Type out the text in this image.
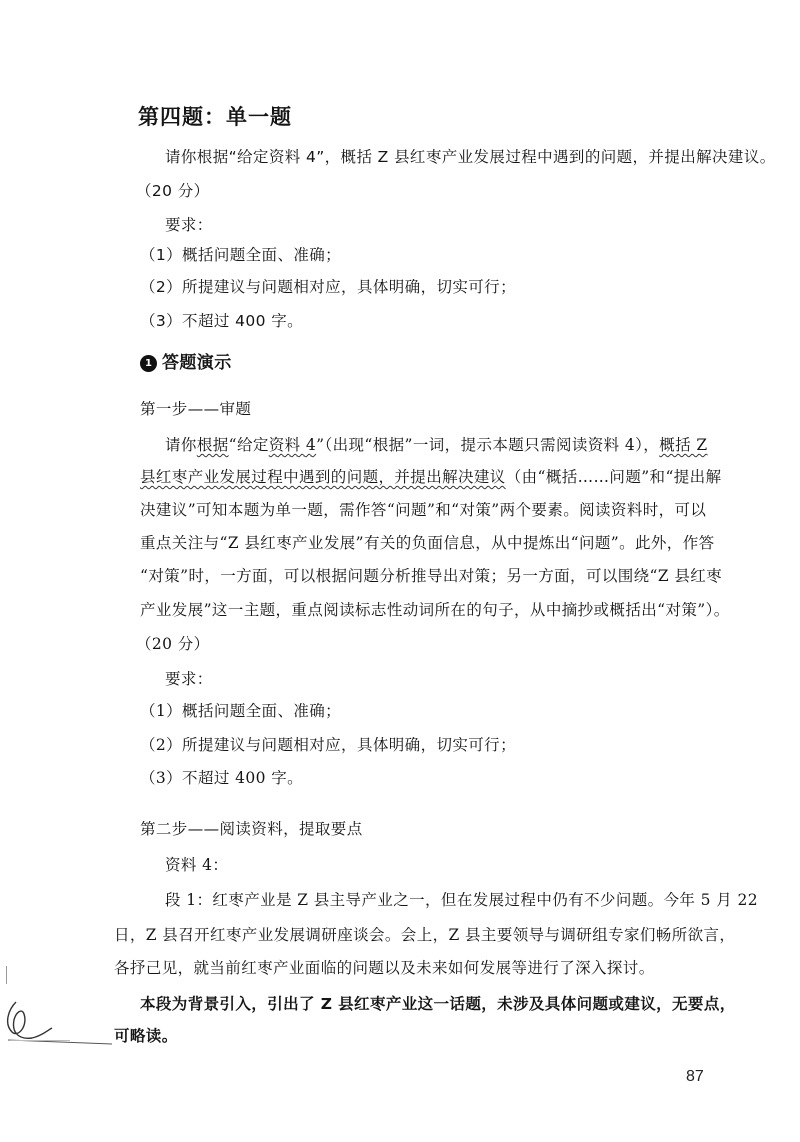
第四题：单一题
请你根据“给定资料 4”，概括 Z 县红枣产业发展过程中遇到的问题，并提出解决建议。
（20 分）
要求：
（1）概括问题全面、准确；
（2）所提建议与问题相对应，具体明确，切实可行；
（3）不超过 400 字。
1 答题演示
第一步——审题
请你根据“给定资料 4”（出现“根据”一词，提示本题只需阅读资料 4），概括 Z
县红枣产业发展过程中遇到的问题，并提出解决建议（由“概括……问题”和“提出解
决建议”可知本题为单一题，需作答“问题”和“对策”两个要素。阅读资料时，可以
重点关注与“Z 县红枣产业发展”有关的负面信息，从中提炼出“问题”。此外，作答
“对策”时，一方面，可以根据问题分析推导出对策；另一方面，可以围绕“Z 县红枣
产业发展”这一主题，重点阅读标志性动词所在的句子，从中摘抄或概括出“对策”）。
（20 分）
要求：
（1）概括问题全面、准确；
（2）所提建议与问题相对应，具体明确，切实可行；
（3）不超过 400 字。
第二步——阅读资料，提取要点
资料 4：
段 1：红枣产业是 Z 县主导产业之一，但在发展过程中仍有不少问题。今年 5 月 22
日，Z 县召开红枣产业发展调研座谈会。会上，Z 县主要领导与调研组专家们畅所欲言，
各抒己见，就当前红枣产业面临的问题以及未来如何发展等进行了深入探讨。
本段为背景引入，引出了 Z 县红枣产业这一话题，未涉及具体问题或建议，无要点，
可略读。
87
